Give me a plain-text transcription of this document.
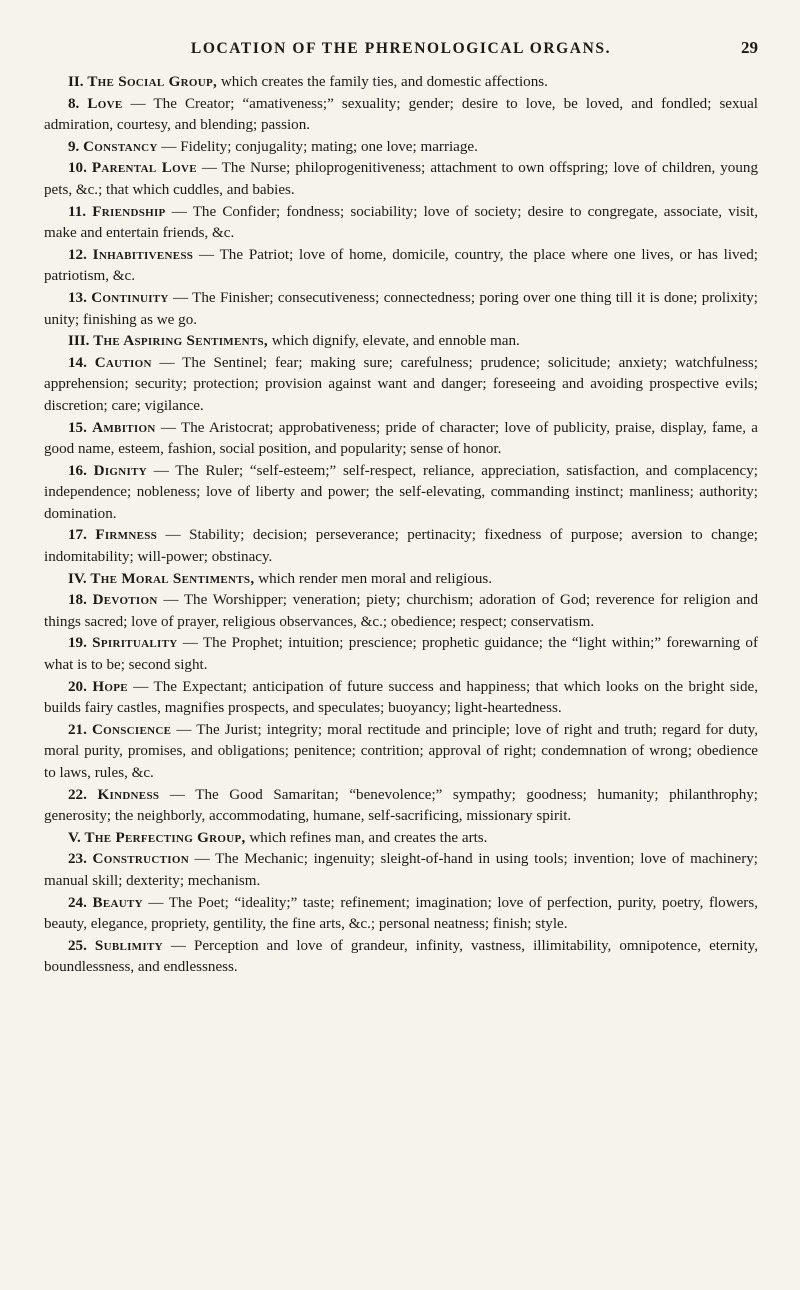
LOCATION OF THE PHRENOLOGICAL ORGANS.	29

II. The Social Group, which creates the family ties, and domestic affections.

8. Love — The Creator; “amativeness;” sexuality; gender; desire to love, be loved, and fondled; sexual admiration, courtesy, and blending; passion.

9. Constancy — Fidelity; conjugality; mating; one love; marriage.

10. Parental Love — The Nurse; philoprogenitiveness; attachment to own offspring; love of children, young pets, &c.; that which cuddles, and babies.

11. Friendship — The Confider; fondness; sociability; love of society; desire to congregate, associate, visit, make and entertain friends, &c.

12. Inhabitiveness — The Patriot; love of home, domicile, country, the place where one lives, or has lived; patriotism, &c.

13. Continuity — The Finisher; consecutiveness; connectedness; poring over one thing till it is done; prolixity; unity; finishing as we go.

III. The Aspiring Sentiments, which dignify, elevate, and ennoble man.

14. Caution — The Sentinel; fear; making sure; carefulness; prudence; solicitude; anxiety; watchfulness; apprehension; security; protection; provision against want and danger; foreseeing and avoiding prospective evils; discretion; care; vigilance.

15. Ambition — The Aristocrat; approbativeness; pride of character; love of publicity, praise, display, fame, a good name, esteem, fashion, social position, and popularity; sense of honor.

16. Dignity — The Ruler; “self-esteem;” self-respect, reliance, appreciation, satisfaction, and complacency; independence; nobleness; love of liberty and power; the self-elevating, commanding instinct; manliness; authority; domination.

17. Firmness — Stability; decision; perseverance; pertinacity; fixedness of purpose; aversion to change; indomitability; will-power; obstinacy.

IV. The Moral Sentiments, which render men moral and religious.

18. Devotion — The Worshipper; veneration; piety; churchism; adoration of God; reverence for religion and things sacred; love of prayer, religious observances, &c.; obedience; respect; conservatism.

19. Spirituality — The Prophet; intuition; prescience; prophetic guidance; the “light within;” forewarning of what is to be; second sight.

20. Hope — The Expectant; anticipation of future success and happiness; that which looks on the bright side, builds fairy castles, magnifies prospects, and speculates; buoyancy; light-heartedness.

21. Conscience — The Jurist; integrity; moral rectitude and principle; love of right and truth; regard for duty, moral purity, promises, and obligations; penitence; contrition; approval of right; condemnation of wrong; obedience to laws, rules, &c.

22. Kindness — The Good Samaritan; “benevolence;” sympathy; goodness; humanity; philanthrophy; generosity; the neighborly, accommodating, humane, self-sacrificing, missionary spirit.

V. The Perfecting Group, which refines man, and creates the arts.

23. Construction — The Mechanic; ingenuity; sleight-of-hand in using tools; invention; love of machinery; manual skill; dexterity; mechanism.

24. Beauty — The Poet; “ideality;” taste; refinement; imagination; love of perfection, purity, poetry, flowers, beauty, elegance, propriety, gentility, the fine arts, &c.; personal neatness; finish; style.

25. Sublimity — Perception and love of grandeur, infinity, vastness, illimitability, omnipotence, eternity, boundlessness, and endlessness.
